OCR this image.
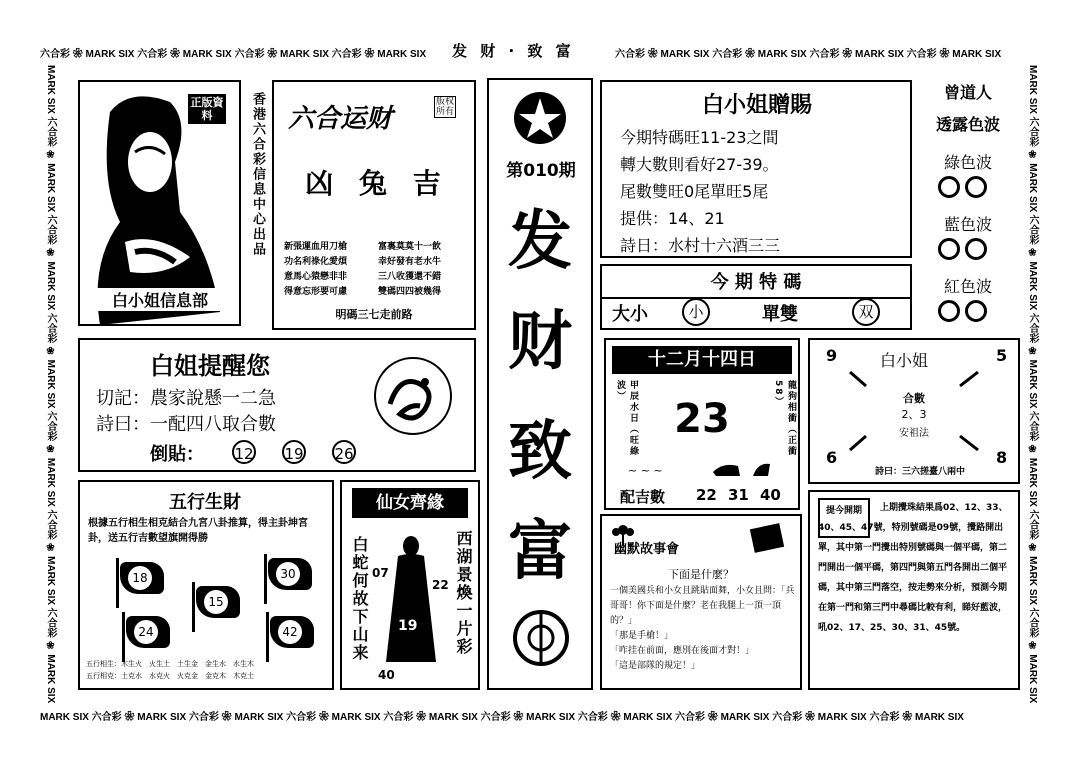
六合彩 ❀ MARK SIX 六合彩 ❀ MARK SIX 六合彩 ❀ MARK SIX 六合彩 ❀ MARK SIX	发 财 · 致 富	六合彩 ❀ MARK SIX 六合彩 ❀ MARK SIX 六合彩 ❀ MARK SIX 六合彩 ❀ MARK SIX
MARK SIX 六合彩 ❀ MARK SIX 六合彩 ❀ MARK SIX 六合彩 ❀ MARK SIX 六合彩 ❀ MARK SIX 六合彩 ❀ MARK SIX 六合彩 ❀ MARK SIX 六合彩 ❀ MARK SIX 六合彩 ❀ MARK SIX 六合彩 ❀ MARK SIX
MARK SIX 六合彩 ❀ MARK SIX 六合彩 ❀ MARK SIX 六合彩 ❀ MARK SIX 六合彩 ❀ MARK SIX 六合彩 ❀ MARK SIX 六合彩 ❀ MARK SIX	MARK SIX 六合彩 ❀ MARK SIX 六合彩 ❀ MARK SIX 六合彩 ❀ MARK SIX 六合彩 ❀ MARK SIX 六合彩 ❀ MARK SIX 六合彩 ❀ MARK SIX
正版資料
白小姐信息部
香港六合彩信息中心出品 六合运财
版权所有
凶 兔 吉
新張運血用刀槍
功名利祿化愛煩
意馬心猿戀非非
得意忘形要可慮
富裏莫莫十一飲
幸好發有老水牛
三八收獲還不錯
雙碼四四被幾得
明碼三七走前路
第010期
发
财
致
富
白小姐贈賜
今期特碼旺11-23之間
轉大數則看好27-39。
尾數雙旺0尾單旺5尾
提供：14、21
詩日：水村十六酒三三
曾道人
透露色波
綠色波

藍色波

紅色波

今 期 特 碼
大小	小	單雙	双
白姐提醒您
切記：農家說懸一二急
詩曰：一配四八取合數
倒貼： 12 19 26
十二月十四日
甲辰水日（旺綠波）	龍狗相衝（正衝58）
23
~ ~ ~
配吉數 22 31 40
白小姐
9	5
6	8
合數
2、3
安祖法
詩曰：三六搓臺八兩中
五行生財
根據五行相生相克結合九宮八卦推算，得主卦坤宮卦，送五行吉數望旗開得勝
18
15
30
24	42
五行相生：木生火　火生土　土生金　金生水　水生木
五行相克：土克水　水克火　火克金　金克木　木克土
仙女齊緣
白蛇何故下山来	西湖景煥一片彩
07
22
19
40
幽默故事會
下面是什麼？
一個美國兵和小女且跳貼面舞，小女且問：「兵哥哥！你下面是什麼？老在我腿上一頂一頂的？」
「那是手槍！」
「咋挂在前面，應別在後面才對！」
「這是部隊的規定！」
提今開期	上期攪珠結果爲02、12、33、40、45、47號，特別號碼是09號，攪路開出單，其中第一門攪出特別號碼與一個平碼，第二門開出一個平碼，第四門與第五門各開出二個平碼，其中第三門落空，按走勢來分析，預測今期在第一門和第三門中尋碼比較有利，睇好藍波，吼02、17、25、30、31、45號。
